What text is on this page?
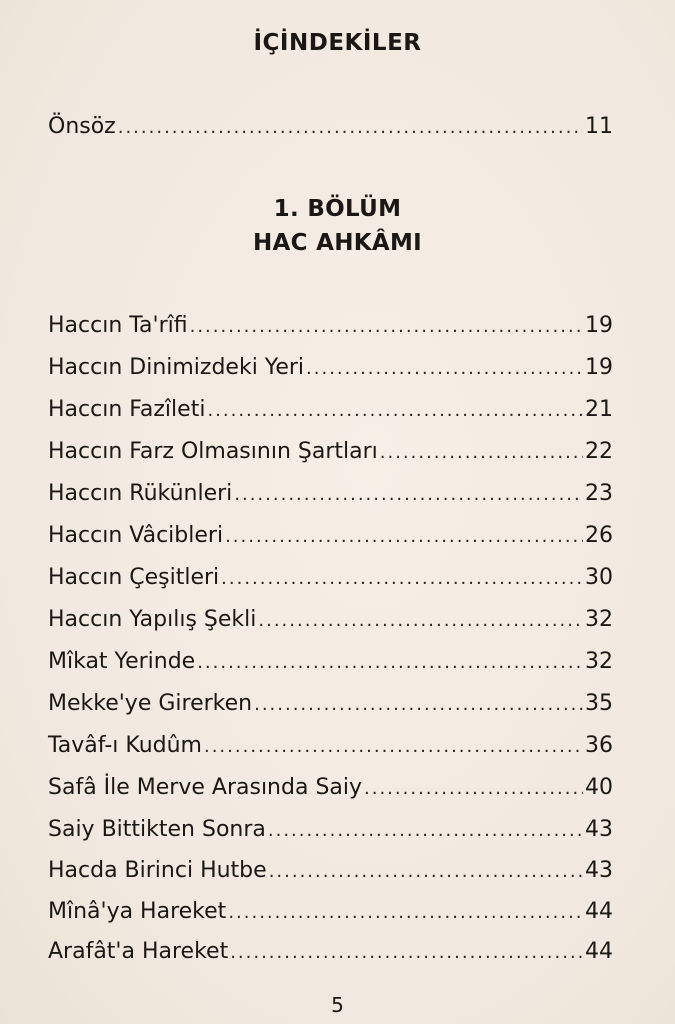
İÇİNDEKİLER
Önsöz .....	11
1. BÖLÜM
HAC AHKÂMI
Haccın Ta'rîfi .....	19
Haccın Dinimizdeki Yeri .....	19
Haccın Fazîleti .....	21
Haccın Farz Olmasının Şartları .....	22
Haccın Rükünleri .....	23
Haccın Vâcibleri .....	26
Haccın Çeşitleri .....	30
Haccın Yapılış Şekli .....	32
Mîkat Yerinde .....	32
Mekke'ye Girerken .....	35
Tavâf-ı Kudûm .....	36
Safâ İle Merve Arasında Saiy .....	40
Saiy Bittikten Sonra .....	43
Hacda Birinci Hutbe .....	43
Mînâ'ya Hareket .....	44
Arafât'a Hareket .....	44
5
